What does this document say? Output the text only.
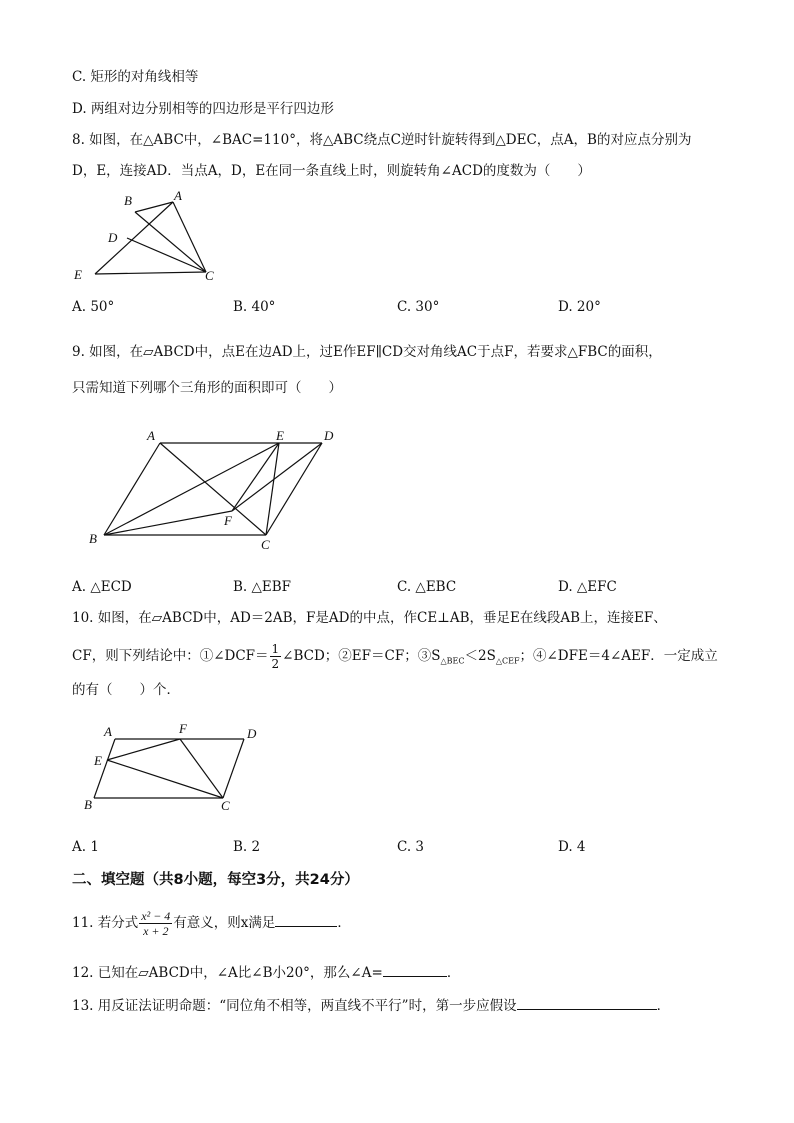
C. 矩形的对角线相等
D. 两组对边分别相等的四边形是平行四边形
8. 如图，在△ABC中，∠BAC=110°，将△ABC绕点C逆时针旋转得到△DEC，点A，B的对应点分别为
D，E，连接AD．当点A，D，E在同一条直线上时，则旋转角∠ACD的度数为（　　）
A
B
C
D
E
A. 50°	B. 40°	C. 30°	D. 20°
9. 如图，在▱ABCD中，点E在边AD上，过E作EF∥CD交对角线AC于点F，若要求△FBC的面积，
只需知道下列哪个三角形的面积即可（　　）
A	E	D
F
B	C
A. △ECD	B. △EBF	C. △EBC	D. △EFC
10. 如图，在▱ABCD中，AD＝2AB，F是AD的中点，作CE⊥AB，垂足E在线段AB上，连接EF、
CF，则下列结论中：①∠DCF＝ $\frac{1}{2}$ ∠BCD；②EF＝CF；$③S_{\triangle BEC}<2S_{\triangle CEF}$；④∠DFE＝4∠AEF．一定成立
的有（　　）个．
A	F	D
E
B	C
A. 1	B. 2	C. 3	D. 4
二、填空题（共8小题，每空3分，共24分）
11. 若分式 $\frac{\text{x² − 4}}{x + 2}$ 有意义，则x满足	．
12. 已知在▱ABCD中，∠A比∠B小20°，那么∠A=	．
13. 用反证法证明命题：“同位角不相等，两直线不平行”时，第一步应假设	．
